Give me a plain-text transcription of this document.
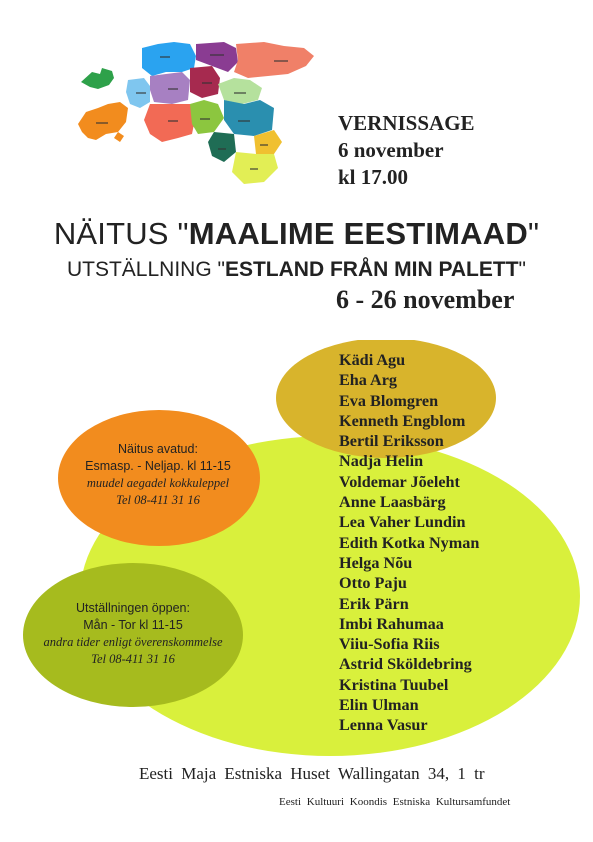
VERNISSAGE
6 november
kl 17.00
NÄITUS "MAALIME EESTIMAAD"
UTSTÄLLNING "ESTLAND FRÅN MIN PALETT"
6 - 26 november
Kädi Agu
Eha Arg
Eva Blomgren
Kenneth Engblom
Bertil Eriksson
Nadja Helin
Voldemar Jõeleht
Anne Laasbärg
Lea Vaher Lundin
Edith Kotka Nyman
Helga Nõu
Otto Paju
Erik Pärn
Imbi Rahumaa
Viiu-Sofia Riis
Astrid Sköldebring
Kristina Tuubel
Elin Ulman
Lenna Vasur
Näitus avatud:
Esmasp. - Neljap. kl 11-15
muudel aegadel kokkuleppel
Tel 08-411 31 16
Utställningen öppen:
Mån - Tor kl 11-15
andra tider enligt överenskommelse
Tel 08-411 31 16
Eesti Maja Estniska Huset Wallingatan 34, 1 tr
Eesti Kultuuri Koondis Estniska Kultursamfundet
